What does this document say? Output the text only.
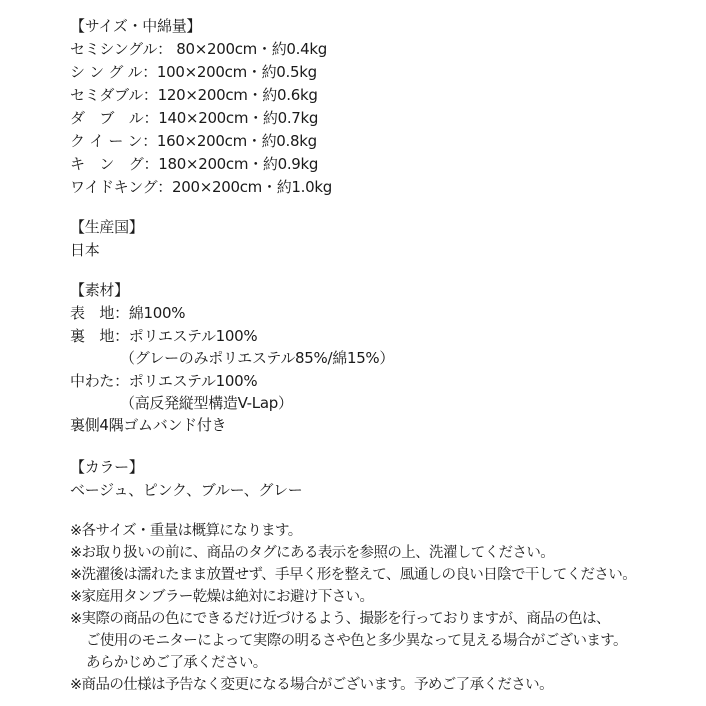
【サイズ・中綿量】
セミシングル： 80×200cm・約0.4kg
シ ン グ ル：100×200cm・約0.5kg
セミダブル：120×200cm・約0.6kg
ダ　ブ　ル：140×200cm・約0.7kg
ク イ ー ン：160×200cm・約0.8kg
キ　ン　グ：180×200cm・約0.9kg
ワイドキング：200×200cm・約1.0kg
【生産国】
日本
【素材】
表　地：綿100%
裏　地：ポリエステル100%
（グレーのみポリエステル85%/綿15%）
中わた：ポリエステル100%
（高反発縦型構造V-Lap）
裏側4隅ゴムバンド付き
【カラー】
ベージュ、ピンク、ブルー、グレー
※各サイズ・重量は概算になります。
※お取り扱いの前に、商品のタグにある表示を参照の上、洗濯してください。
※洗濯後は濡れたまま放置せず、手早く形を整えて、風通しの良い日陰で干してください。
※家庭用タンブラー乾燥は絶対にお避け下さい。
※実際の商品の色にできるだけ近づけるよう、撮影を行っておりますが、商品の色は、
ご使用のモニターによって実際の明るさや色と多少異なって見える場合がございます。
あらかじめご了承ください。
※商品の仕様は予告なく変更になる場合がございます。予めご了承ください。
